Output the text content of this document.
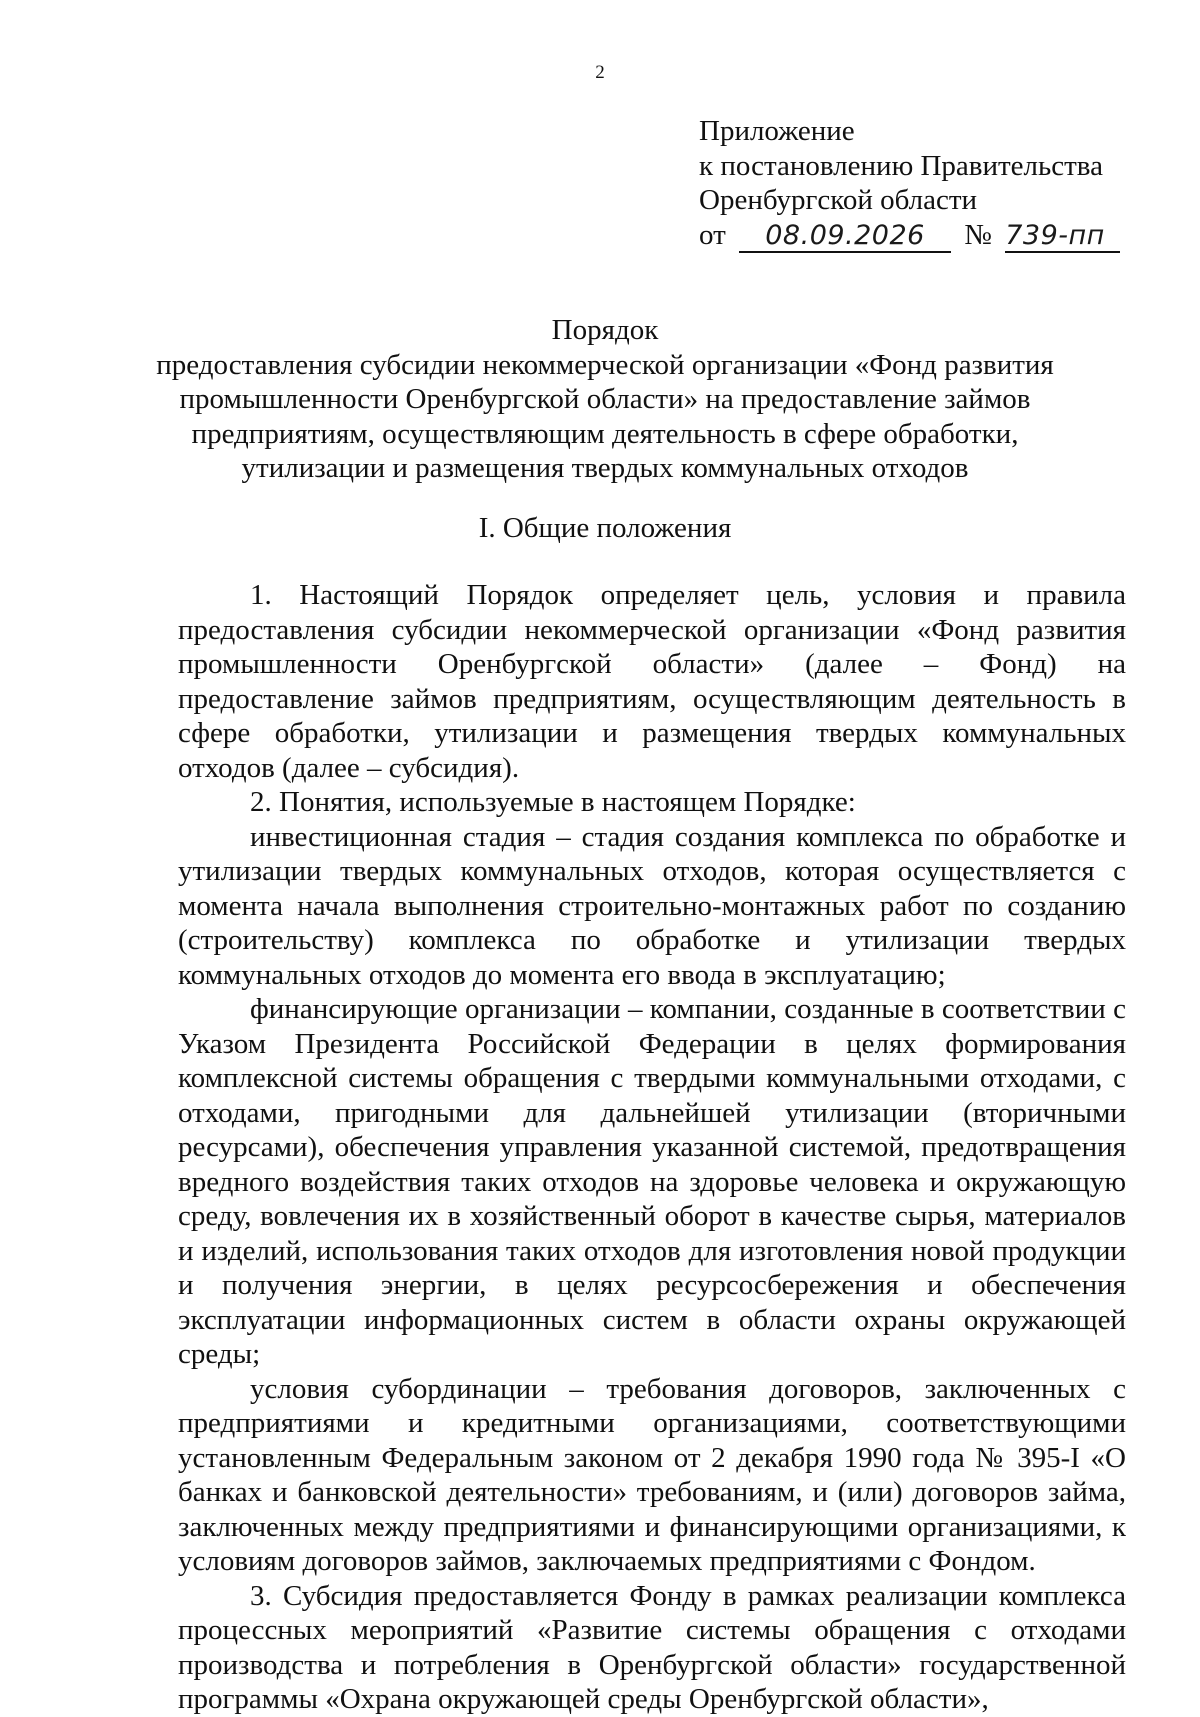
2
Приложение
к постановлению Правительства
Оренбургской области
от 08.09.2026 № 739-пп
Порядок
предоставления субсидии некоммерческой организации «Фонд развития
промышленности Оренбургской области» на предоставление займов
предприятиям, осуществляющим деятельность в сфере обработки,
утилизации и размещения твердых коммунальных отходов
I. Общие положения

1. Настоящий Порядок определяет цель, условия и правила предоставления субсидии некоммерческой организации «Фонд развития промышленности Оренбургской области» (далее – Фонд) на предоставление займов предприятиям, осуществляющим деятельность в сфере обработки, утилизации и размещения твердых коммунальных отходов (далее – субсидия).

2. Понятия, используемые в настоящем Порядке:

инвестиционная стадия – стадия создания комплекса по обработке и утилизации твердых коммунальных отходов, которая осуществляется с момента начала выполнения строительно-монтажных работ по созданию (строительству) комплекса по обработке и утилизации твердых коммунальных отходов до момента его ввода в эксплуатацию;

финансирующие организации – компании, созданные в соответствии с Указом Президента Российской Федерации в целях формирования комплексной системы обращения с твердыми коммунальными отходами, с отходами, пригодными для дальнейшей утилизации (вторичными ресурсами), обеспечения управления указанной системой, предотвращения вредного воздействия таких отходов на здоровье человека и окружающую среду, вовлечения их в хозяйственный оборот в качестве сырья, материалов и изделий, использования таких отходов для изготовления новой продукции и получения энергии, в целях ресурсосбережения и обеспечения эксплуатации информационных систем в области охраны окружающей среды;

условия субординации – требования договоров, заключенных с предприятиями и кредитными организациями, соответствующими установленным Федеральным законом от 2 декабря 1990 года № 395-I «О банках и банковской деятельности» требованиям, и (или) договоров займа, заключенных между предприятиями и финансирующими организациями, к условиям договоров займов, заключаемых предприятиями с Фондом.

3. Субсидия предоставляется Фонду в рамках реализации комплекса процессных мероприятий «Развитие системы обращения с отходами производства и потребления в Оренбургской области» государственной программы «Охрана окружающей среды Оренбургской области»,
